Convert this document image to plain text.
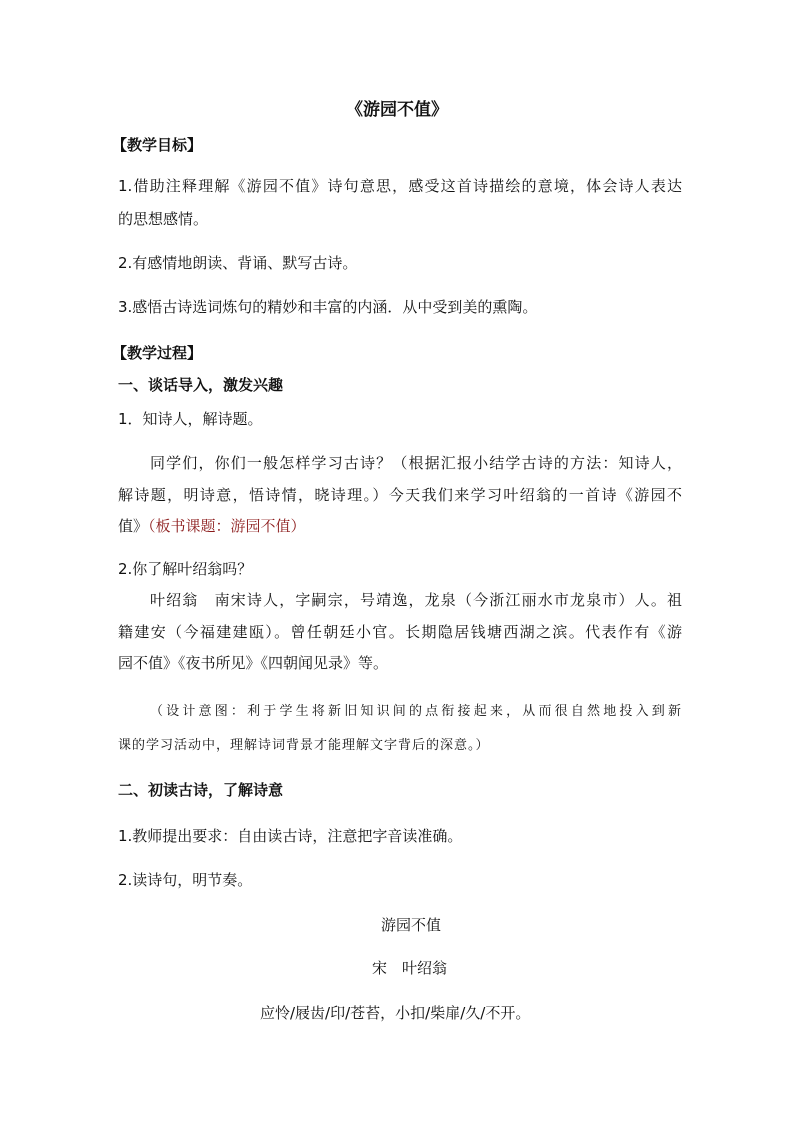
《游园不值》
【教学目标】
1.借助注释理解《游园不值》诗句意思，感受这首诗描绘的意境，体会诗人表达
的思想感情。
2.有感情地朗读、背诵、默写古诗。
3.感悟古诗选词炼句的精妙和丰富的内涵．从中受到美的熏陶。
【教学过程】
一、谈话导入，激发兴趣
1．知诗人，解诗题。
同学们，你们一般怎样学习古诗？（根据汇报小结学古诗的方法：知诗人，
解诗题，明诗意，悟诗情，晓诗理。）今天我们来学习叶绍翁的一首诗《游园不
值》（板书课题：游园不值）
2.你了解叶绍翁吗？
叶绍翁　南宋诗人，字嗣宗，号靖逸，龙泉（今浙江丽水市龙泉市）人。祖
籍建安（今福建建瓯）。曾任朝廷小官。长期隐居钱塘西湖之滨。代表作有《游
园不值》《夜书所见》《四朝闻见录》等。
（设计意图：利于学生将新旧知识间的点衔接起来，从而很自然地投入到新
课的学习活动中，理解诗词背景才能理解文字背后的深意。）
二、初读古诗，了解诗意
1.教师提出要求：自由读古诗，注意把字音读准确。
2.读诗句，明节奏。
游园不值
宋　叶绍翁
应怜/屐齿/印/苍苔，小扣/柴扉/久/不开。
